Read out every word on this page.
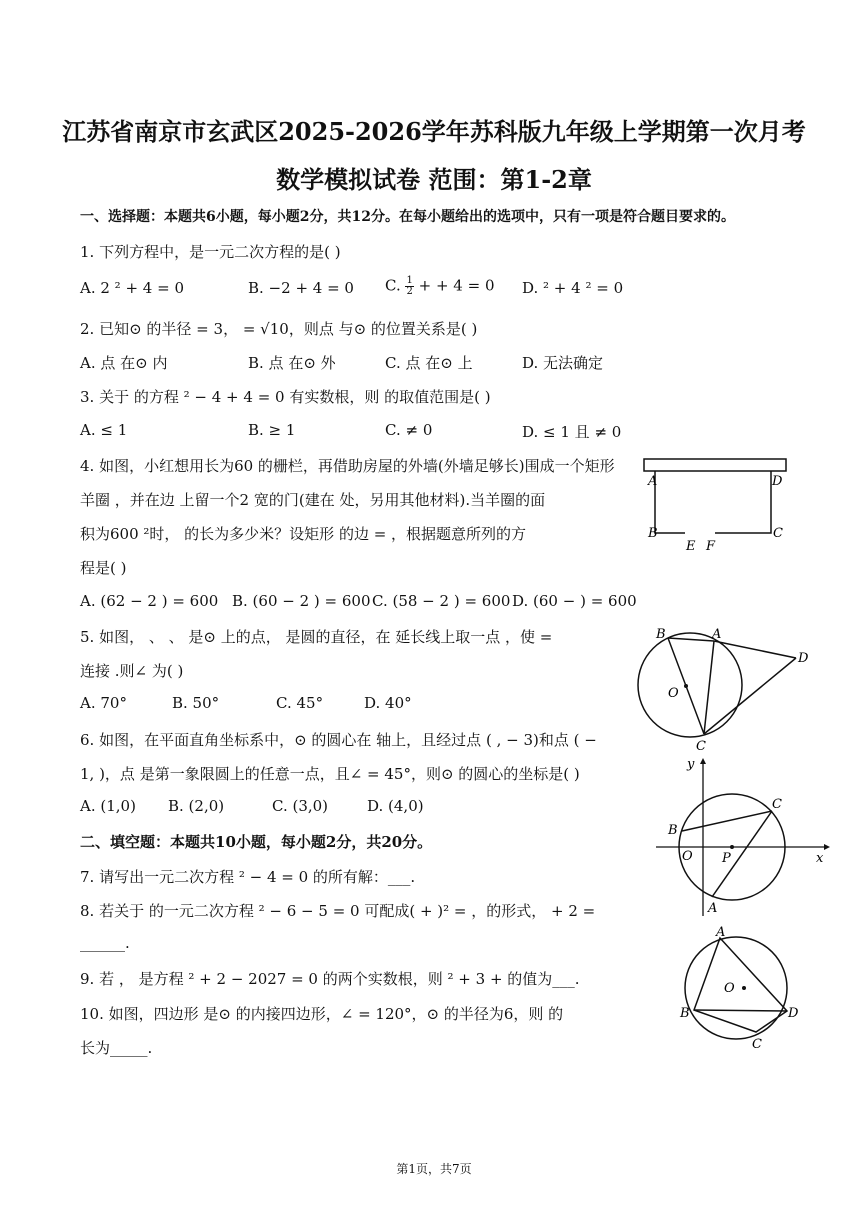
江苏省南京市玄武区2025-2026学年苏科版九年级上学期第一次月考
数学模拟试卷 范围：第1-2章
一、选择题：本题共6小题，每小题2分，共12分。在每小题给出的选项中，只有一项是符合题目要求的。
1. 下列方程中，是一元二次方程的是( )
A. 2 ² + 4 = 0	B. −2 + 4 = 0 C. $\frac{1}{2}$ + + 4 = 0 D. ² + 4 ² = 0
2. 已知⊙ 的半径 = 3， = √10，则点 与⊙ 的位置关系是( )
A. 点 在⊙ 内	B. 点 在⊙ 外	C. 点 在⊙ 上	D. 无法确定
3. 关于 的方程 ² − 4 + 4 = 0 有实数根，则 的取值范围是( )
A. ≤ 1	B. ≥ 1	C. ≠ 0	D. ≤ 1 且 ≠ 0
4. 如图，小红想用长为60 的栅栏，再借助房屋的外墙(外墙足够长)围成一个矩形
羊圈 ，并在边 上留一个2 宽的门(建在 处，另用其他材料).当羊圈的面
积为600 ²时， 的长为多少米？设矩形 的边 = ，根据题意所列的方
程是( )
A. (62 − 2 ) = 600 B. (60 − 2 ) = 600 C. (58 − 2 ) = 600 D. (60 − ) = 600
A	D
B	C
E F
5. 如图， 、 、 是⊙ 上的点， 是圆的直径，在 延长线上取一点 ，使 =
连接 .则∠ 为( )
A. 70°	B. 50°	C. 45°	D. 40°
B	A
D
O
C
6. 如图，在平面直角坐标系中，⊙ 的圆心在 轴上，且经过点 ( , − 3)和点 ( −
1, )，点 是第一象限圆上的任意一点，且∠ = 45°，则⊙ 的圆心的坐标是( )
A. (1,0) B. (2,0)	C. (3,0)	D. (4,0)
y
x
O P
B
C
A
二、填空题：本题共10小题，每小题2分，共20分。
7. 请写出一元二次方程 ² − 4 = 0 的所有解：___.
8. 若关于 的一元二次方程 ² − 6 − 5 = 0 可配成( + )² = ，的形式， + 2 =
______.
9. 若 ， 是方程 ² + 2 − 2027 = 0 的两个实数根，则 ² + 3 + 的值为___.
10. 如图，四边形 是⊙ 的内接四边形，∠ = 120°，⊙ 的半径为6，则 的
长为_____.
A
O
B	D
C
第1页，共7页
